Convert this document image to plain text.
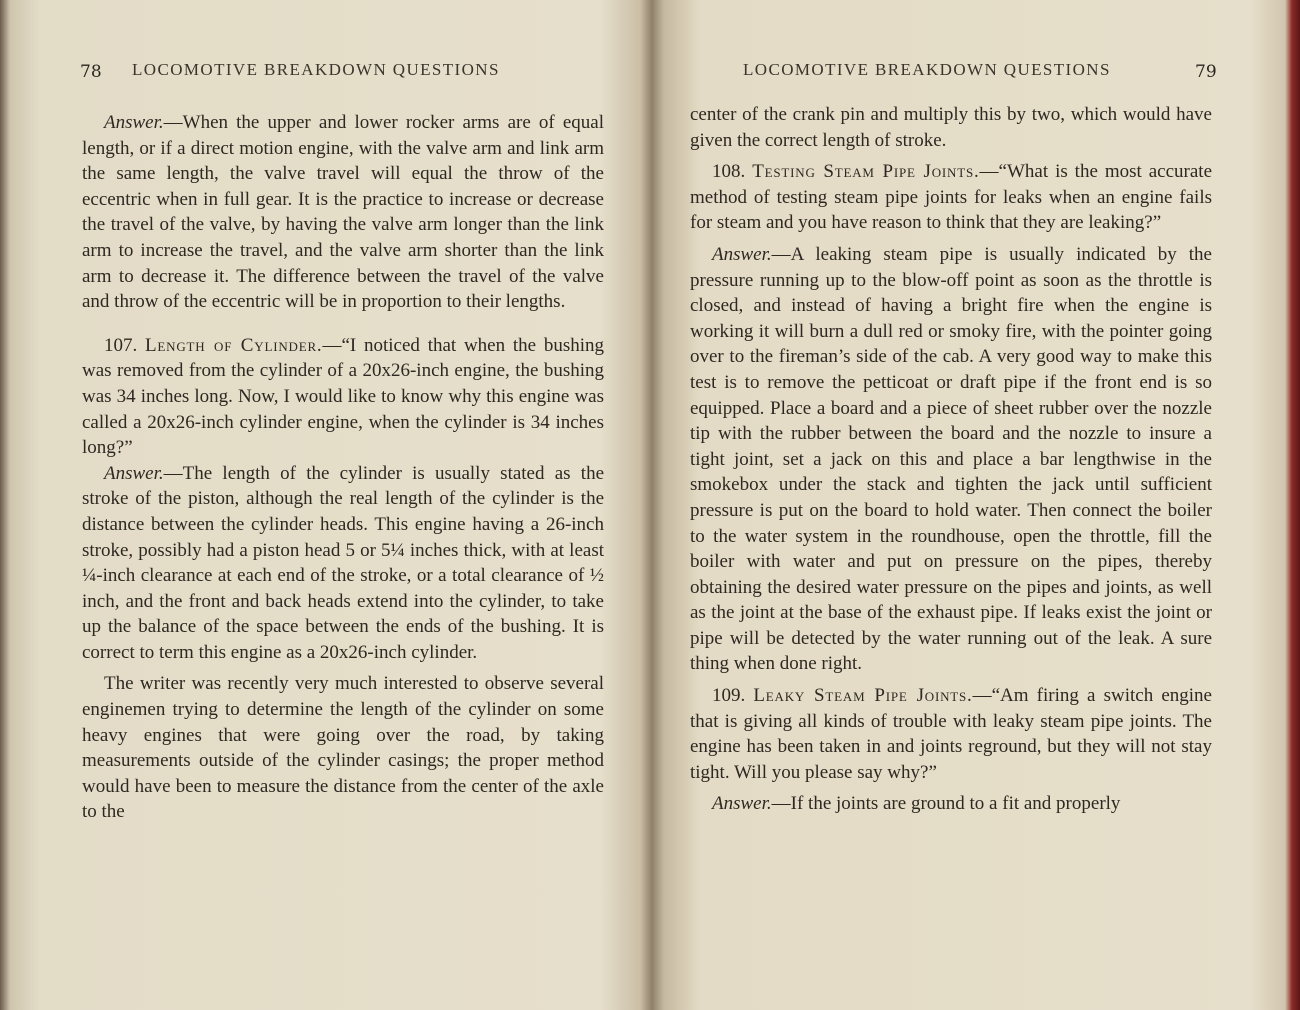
78 LOCOMOTIVE BREAKDOWN QUESTIONS

Answer.—When the upper and lower rocker arms are of equal length, or if a direct motion engine, with the valve arm and link arm the same length, the valve travel will equal the throw of the eccentric when in full gear. It is the practice to increase or decrease the travel of the valve, by having the valve arm longer than the link arm to increase the travel, and the valve arm shorter than the link arm to decrease it. The difference between the travel of the valve and throw of the eccentric will be in proportion to their lengths.

107. Length of Cylinder.—“I noticed that when the bushing was removed from the cylinder of a 20x26-inch engine, the bushing was 34 inches long. Now, I would like to know why this engine was called a 20x26-inch cylinder engine, when the cylinder is 34 inches long?”

Answer.—The length of the cylinder is usually stated as the stroke of the piston, although the real length of the cylinder is the distance between the cylinder heads. This engine having a 26-inch stroke, possibly had a piston head 5 or 5¼ inches thick, with at least ¼-inch clearance at each end of the stroke, or a total clearance of ½ inch, and the front and back heads extend into the cylinder, to take up the balance of the space between the ends of the bushing. It is correct to term this engine as a 20x26-inch cylinder.

The writer was recently very much interested to observe several enginemen trying to determine the length of the cylinder on some heavy engines that were going over the road, by taking measurements outside of the cylinder casings; the proper method would have been to measure the distance from the center of the axle to the

LOCOMOTIVE BREAKDOWN QUESTIONS	79

center of the crank pin and multiply this by two, which would have given the correct length of stroke.

108. Testing Steam Pipe Joints.—“What is the most accurate method of testing steam pipe joints for leaks when an engine fails for steam and you have reason to think that they are leaking?”

Answer.—A leaking steam pipe is usually indicated by the pressure running up to the blow-off point as soon as the throttle is closed, and instead of having a bright fire when the engine is working it will burn a dull red or smoky fire, with the pointer going over to the fireman’s side of the cab. A very good way to make this test is to remove the petticoat or draft pipe if the front end is so equipped. Place a board and a piece of sheet rubber over the nozzle tip with the rubber between the board and the nozzle to insure a tight joint, set a jack on this and place a bar lengthwise in the smokebox under the stack and tighten the jack until sufficient pressure is put on the board to hold water. Then connect the boiler to the water system in the roundhouse, open the throttle, fill the boiler with water and put on pressure on the pipes, thereby obtaining the desired water pressure on the pipes and joints, as well as the joint at the base of the exhaust pipe. If leaks exist the joint or pipe will be detected by the water running out of the leak. A sure thing when done right.

109. Leaky Steam Pipe Joints.—“Am firing a switch engine that is giving all kinds of trouble with leaky steam pipe joints. The engine has been taken in and joints reground, but they will not stay tight. Will you please say why?”

Answer.—If the joints are ground to a fit and properly
